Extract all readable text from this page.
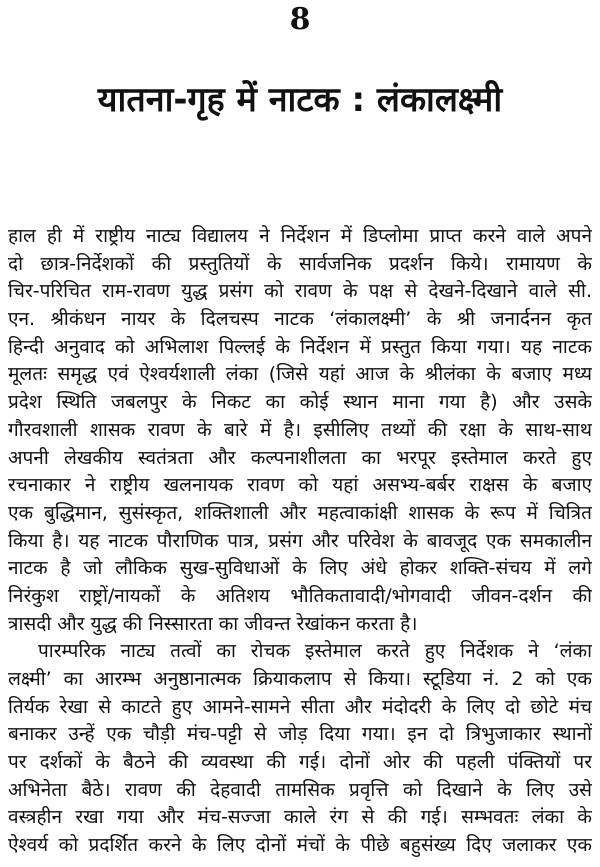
8
यातना-गृह में नाटक : लंकालक्ष्मी
हाल ही में राष्ट्रीय नाट्य विद्यालय ने निर्देशन में डिप्लोमा प्राप्त करने वाले अपने
दो छात्र-निर्देशकों की प्रस्तुतियों के सार्वजनिक प्रदर्शन किये। रामायण के
चिर-परिचित राम-रावण युद्ध प्रसंग को रावण के पक्ष से देखने-दिखाने वाले सी.
एन. श्रीकंधन नायर के दिलचस्प नाटक ‘लंकालक्ष्मी’ के श्री जनार्दनन कृत
हिन्दी अनुवाद को अभिलाश पिल्लई के निर्देशन में प्रस्तुत किया गया। यह नाटक
मूलतः समृद्ध एवं ऐश्वर्यशाली लंका (जिसे यहां आज के श्रीलंका के बजाए मध्य
प्रदेश स्थिति जबलपुर के निकट का कोई स्थान माना गया है) और उसके
गौरवशाली शासक रावण के बारे में है। इसीलिए तथ्यों की रक्षा के साथ-साथ
अपनी लेखकीय स्वतंत्रता और कल्पनाशीलता का भरपूर इस्तेमाल करते हुए
रचनाकार ने राष्ट्रीय खलनायक रावण को यहां असभ्य-बर्बर राक्षस के बजाए
एक बुद्धिमान, सुसंस्कृत, शक्तिशाली और महत्वाकांक्षी शासक के रूप में चित्रित
किया है। यह नाटक पौराणिक पात्र, प्रसंग और परिवेश के बावजूद एक समकालीन
नाटक है जो लौकिक सुख-सुविधाओं के लिए अंधे होकर शक्ति-संचय में लगे
निरंकुश राष्ट्रों/नायकों के अतिशय भौतिकतावादी/भोगवादी जीवन-दर्शन की
त्रासदी और युद्ध की निस्सारता का जीवन्त रेखांकन करता है।
पारम्परिक नाट्य तत्वों का रोचक इस्तेमाल करते हुए निर्देशक ने ‘लंका
लक्ष्मी’ का आरम्भ अनुष्ठानात्मक क्रियाकलाप से किया। स्टूडिया नं. 2 को एक
तिर्यक रेखा से काटते हुए आमने-सामने सीता और मंदोदरी के लिए दो छोटे मंच
बनाकर उन्हें एक चौड़ी मंच-पट्टी से जोड़ दिया गया। इन दो त्रिभुजाकार स्थानों
पर दर्शकों के बैठने की व्यवस्था की गई। दोनों ओर की पहली पंक्तियों पर
अभिनेता बैठे। रावण की देहवादी तामसिक प्रवृत्ति को दिखाने के लिए उसे
वस्त्रहीन रखा गया और मंच-सज्जा काले रंग से की गई। सम्भवतः लंका के
ऐश्वर्य को प्रदर्शित करने के लिए दोनों मंचों के पीछे बहुसंख्य दिए जलाकर एक
